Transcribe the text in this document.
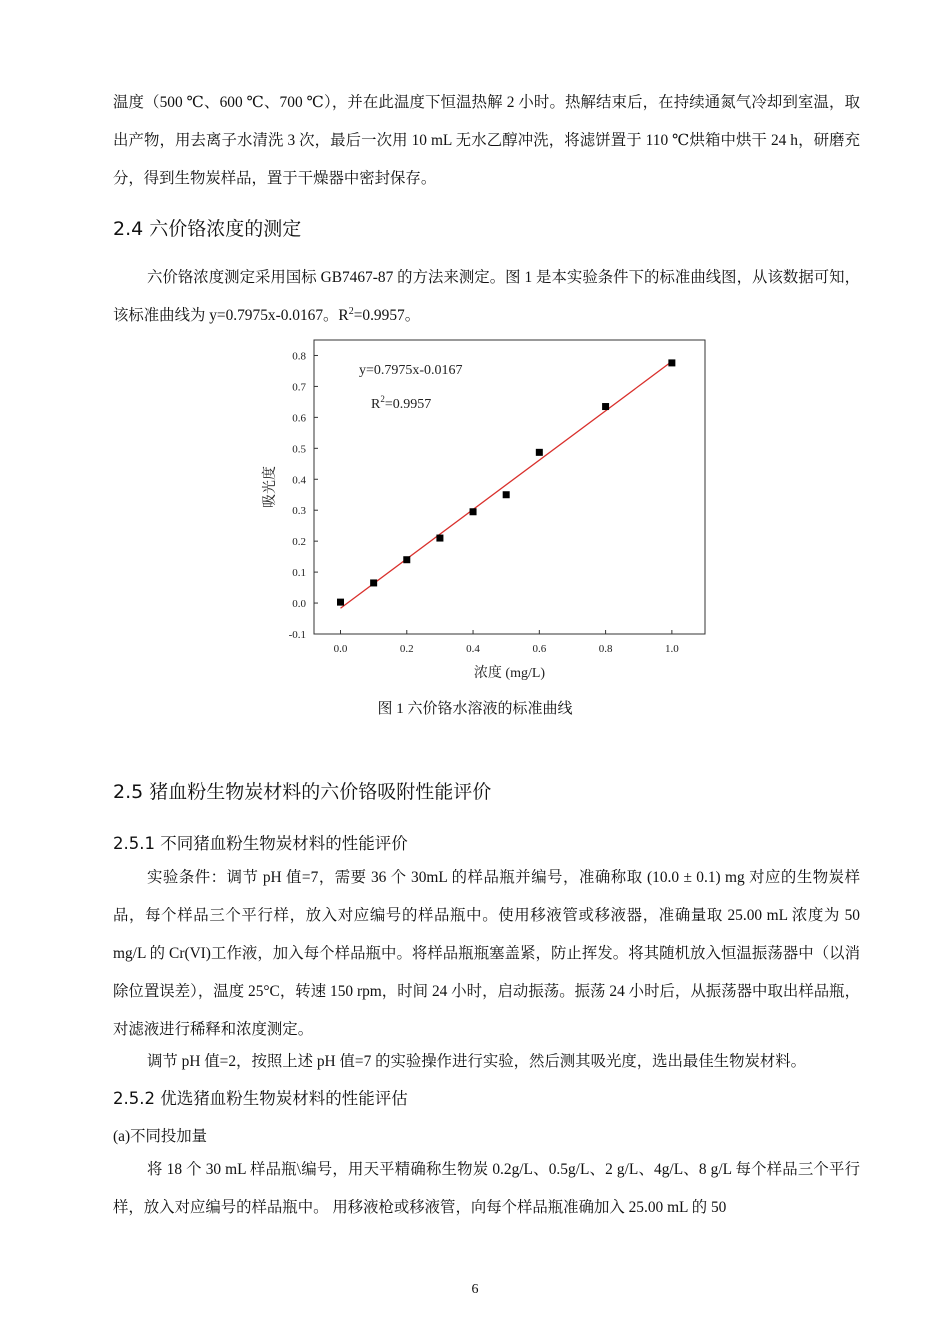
温度（500 ℃、600 ℃、700 ℃），并在此温度下恒温热解 2 小时。热解结束后，在持续通氮气冷却到室温，取出产物，用去离子水清洗 3 次，最后一次用 10 mL 无水乙醇冲洗，将滤饼置于 110 ℃烘箱中烘干 24 h，研磨充分，得到生物炭样品，置于干燥器中密封保存。
2.4 六价铬浓度的测定
六价铬浓度测定采用国标 GB7467-87 的方法来测定。图 1 是本实验条件下的标准曲线图，从该数据可知，该标准曲线为 y=0.7975x-0.0167。$R^2=0.9957$。
0.0	0.2	0.4	0.6	0.8	1.0
-0.1
0.0
0.1
0.2
0.3
0.4
0.5
0.6
0.7
0.8
浓度 (mg/L)
吸光度
y=0.7975x-0.0167
$R^2=0.9957$
图 1 六价铬水溶液的标准曲线
2.5 猪血粉生物炭材料的六价铬吸附性能评价
2.5.1 不同猪血粉生物炭材料的性能评价
实验条件：调节 pH 值=7，需要 36 个 30mL 的样品瓶并编号，准确称取 (10.0 ± 0.1) mg 对应的生物炭样品，每个样品三个平行样，放入对应编号的样品瓶中。使用移液管或移液器，准确量取 25.00 mL 浓度为 50 mg/L 的 Cr(VI)工作液，加入每个样品瓶中。将样品瓶瓶塞盖紧，防止挥发。将其随机放入恒温振荡器中（以消除位置误差），温度 25°C，转速 150 rpm，时间 24 小时，启动振荡。振荡 24 小时后，从振荡器中取出样品瓶，对滤液进行稀释和浓度测定。
调节 pH 值=2，按照上述 pH 值=7 的实验操作进行实验，然后测其吸光度，选出最佳生物炭材料。
2.5.2 优选猪血粉生物炭材料的性能评估
(a)不同投加量
将 18 个 30 mL 样品瓶\编号，用天平精确称生物炭 0.2g/L、0.5g/L、2 g/L、4g/L、8 g/L 每个样品三个平行样，放入对应编号的样品瓶中。 用移液枪或移液管，向每个样品瓶准确加入 25.00 mL 的 50
6
